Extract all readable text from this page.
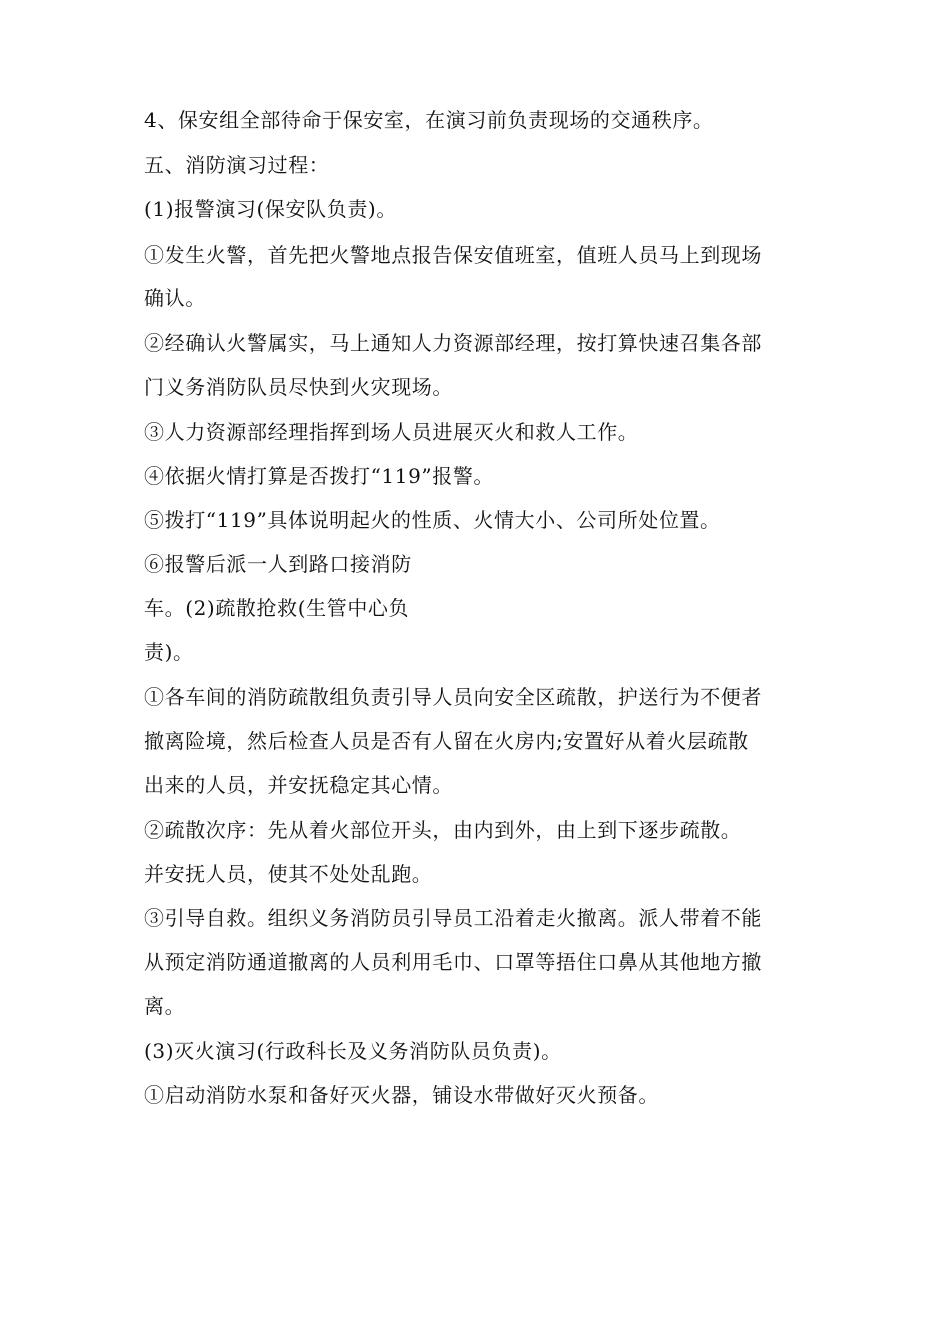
4、保安组全部待命于保安室，在演习前负责现场的交通秩序。
五、消防演习过程：
(1)报警演习(保安队负责)。
①发生火警，首先把火警地点报告保安值班室，值班人员马上到现场
确认。
②经确认火警属实，马上通知人力资源部经理，按打算快速召集各部
门义务消防队员尽快到火灾现场。
③人力资源部经理指挥到场人员进展灭火和救人工作。
④依据火情打算是否拨打“119”报警。
⑤拨打“119”具体说明起火的性质、火情大小、公司所处位置。
⑥报警后派一人到路口接消防
车。(2)疏散抢救(生管中心负
责)。
①各车间的消防疏散组负责引导人员向安全区疏散，护送行为不便者
撤离险境，然后检查人员是否有人留在火房内;安置好从着火层疏散
出来的人员，并安抚稳定其心情。
②疏散次序：先从着火部位开头，由内到外，由上到下逐步疏散。
并安抚人员，使其不处处乱跑。
③引导自救。组织义务消防员引导员工沿着走火撤离。派人带着不能
从预定消防通道撤离的人员利用毛巾、口罩等捂住口鼻从其他地方撤
离。
(3)灭火演习(行政科长及义务消防队员负责)。
①启动消防水泵和备好灭火器，铺设水带做好灭火预备。
